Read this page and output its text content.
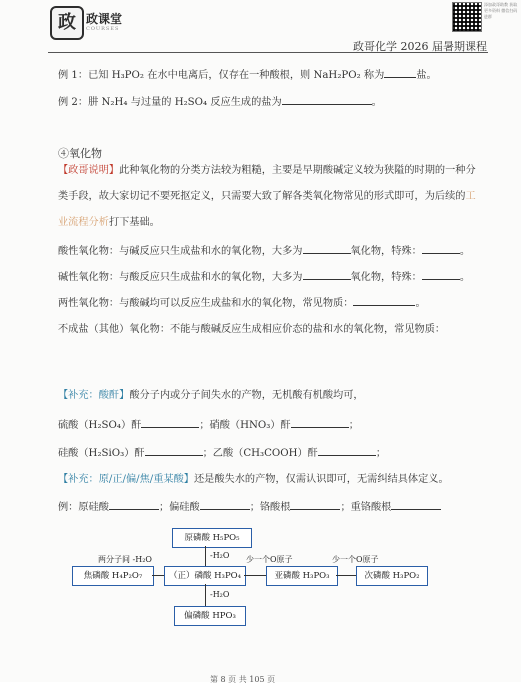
政 政课堂
COURSES
添加政哥助教 获取更多资料 微信扫码进群
政哥化学 2026 届暑期课程
例 1：已知 H₃PO₂ 在水中电离后，仅存在一种酸根，则 NaH₂PO₂ 称为	盐。
例 2：肼 N₂H₄ 与过量的 H₂SO₄ 反应生成的盐为	。
④氧化物
【政哥说明】此种氧化物的分类方法较为粗糙，主要是早期酸碱定义较为狭隘的时期的一种分类手段，故大家切记不要死抠定义，只需要大致了解各类氧化物常见的形式即可，为后续的工业流程分析打下基础。
酸性氧化物：与碱反应只生成盐和水的氧化物，大多为	氧化物，特殊：	。
碱性氧化物：与酸反应只生成盐和水的氧化物，大多为	氧化物，特殊：	。
两性氧化物：与酸碱均可以反应生成盐和水的氧化物，常见物质：	。
不成盐（其他）氧化物：不能与酸碱反应生成相应价态的盐和水的氧化物，常见物质：
【补充：酸酐】酸分子内或分子间失水的产物，无机酸有机酸均可，
硫酸（H₂SO₄）酐	；硝酸（HNO₃）酐	；
硅酸（H₂SiO₃）酐	；乙酸（CH₃COOH）酐	；
【补充：原/正/偏/焦/重某酸】还是酸失水的产物，仅需认识即可，无需纠结具体定义。
例：原硅酸	；偏硅酸	；铬酸根	；重铬酸根
原磷酸 H₅PO₅
（正）磷酸 H₃PO₄
焦磷酸 H₄P₂O₇	亚磷酸 H₃PO₃	次磷酸 H₃PO₂
偏磷酸 HPO₃
两分子间 -H₂O	-H₂O
-H₂O
少一个O原子	少一个O原子
第 8 页 共 105 页
